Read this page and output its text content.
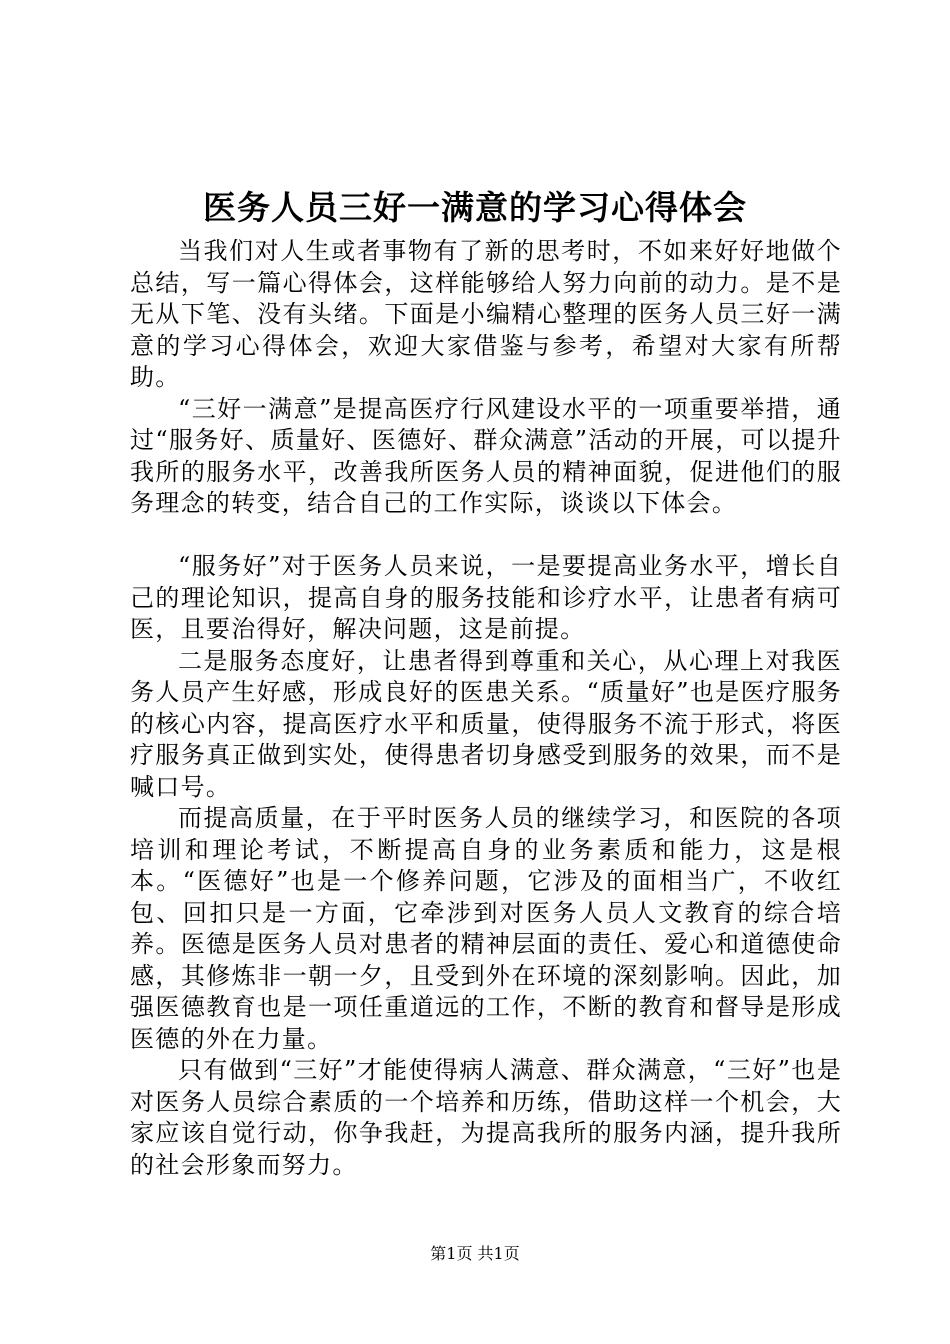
医务人员三好一满意的学习心得体会

当我们对人生或者事物有了新的思考时，不如来好好地做个总结，写一篇心得体会，这样能够给人努力向前的动力。是不是无从下笔、没有头绪。下面是小编精心整理的医务人员三好一满意的学习心得体会，欢迎大家借鉴与参考，希望对大家有所帮助。

“三好一满意”是提高医疗行风建设水平的一项重要举措，通过“服务好、质量好、医德好、群众满意”活动的开展，可以提升我所的服务水平，改善我所医务人员的精神面貌，促进他们的服务理念的转变，结合自己的工作实际，谈谈以下体会。

“服务好”对于医务人员来说，一是要提高业务水平，增长自己的理论知识，提高自身的服务技能和诊疗水平，让患者有病可医，且要治得好，解决问题，这是前提。

二是服务态度好，让患者得到尊重和关心，从心理上对我医务人员产生好感，形成良好的医患关系。“质量好”也是医疗服务的核心内容，提高医疗水平和质量，使得服务不流于形式，将医疗服务真正做到实处，使得患者切身感受到服务的效果，而不是喊口号。

而提高质量，在于平时医务人员的继续学习，和医院的各项培训和理论考试，不断提高自身的业务素质和能力，这是根本。“医德好”也是一个修养问题，它涉及的面相当广，不收红包、回扣只是一方面，它牵涉到对医务人员人文教育的综合培养。医德是医务人员对患者的精神层面的责任、爱心和道德使命感，其修炼非一朝一夕，且受到外在环境的深刻影响。因此，加强医德教育也是一项任重道远的工作，不断的教育和督导是形成医德的外在力量。

只有做到“三好”才能使得病人满意、群众满意，“三好”也是对医务人员综合素质的一个培养和历练，借助这样一个机会，大家应该自觉行动，你争我赶，为提高我所的服务内涵，提升我所的社会形象而努力。

第1页 共1页
